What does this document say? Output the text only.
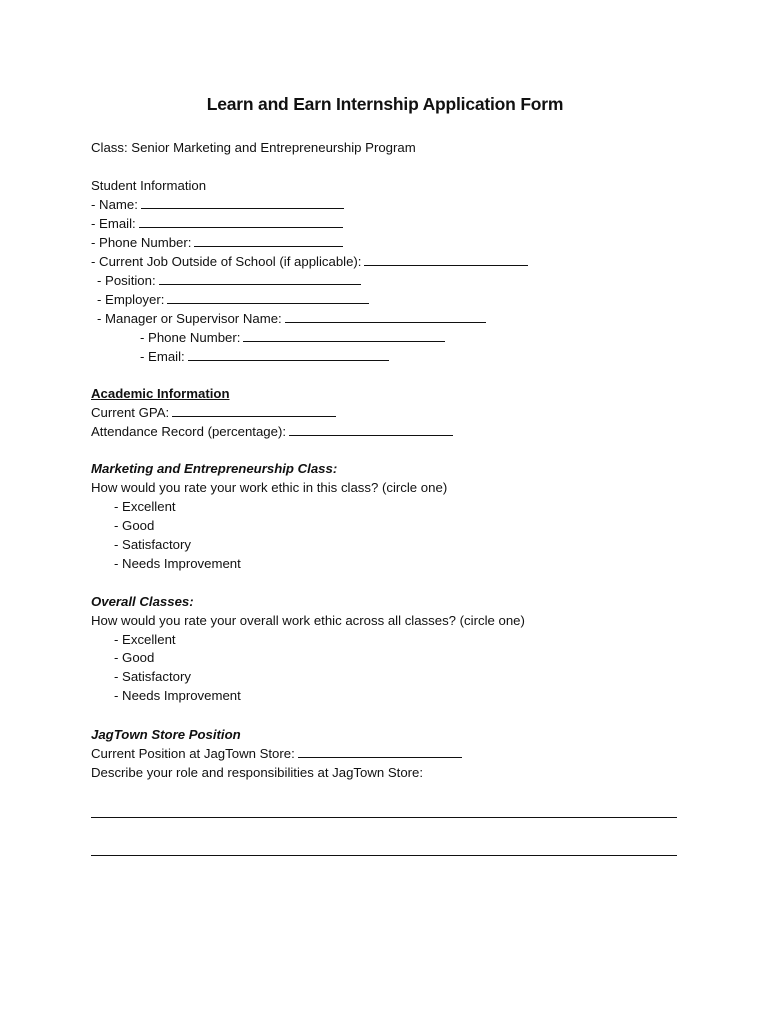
Learn and Earn Internship Application Form
Class: Senior Marketing and Entrepreneurship Program
Student Information
- Name:
- Email:
- Phone Number:
- Current Job Outside of School (if applicable):
- Position:
- Employer:
- Manager or Supervisor Name:
- Phone Number:
- Email:
Academic Information
Current GPA:
Attendance Record (percentage):
Marketing and Entrepreneurship Class:
How would you rate your work ethic in this class? (circle one)
- Excellent
- Good
- Satisfactory
- Needs Improvement
Overall Classes:
How would you rate your overall work ethic across all classes? (circle one)
- Excellent
- Good
- Satisfactory
- Needs Improvement
JagTown Store Position
Current Position at JagTown Store:
Describe your role and responsibilities at JagTown Store:
